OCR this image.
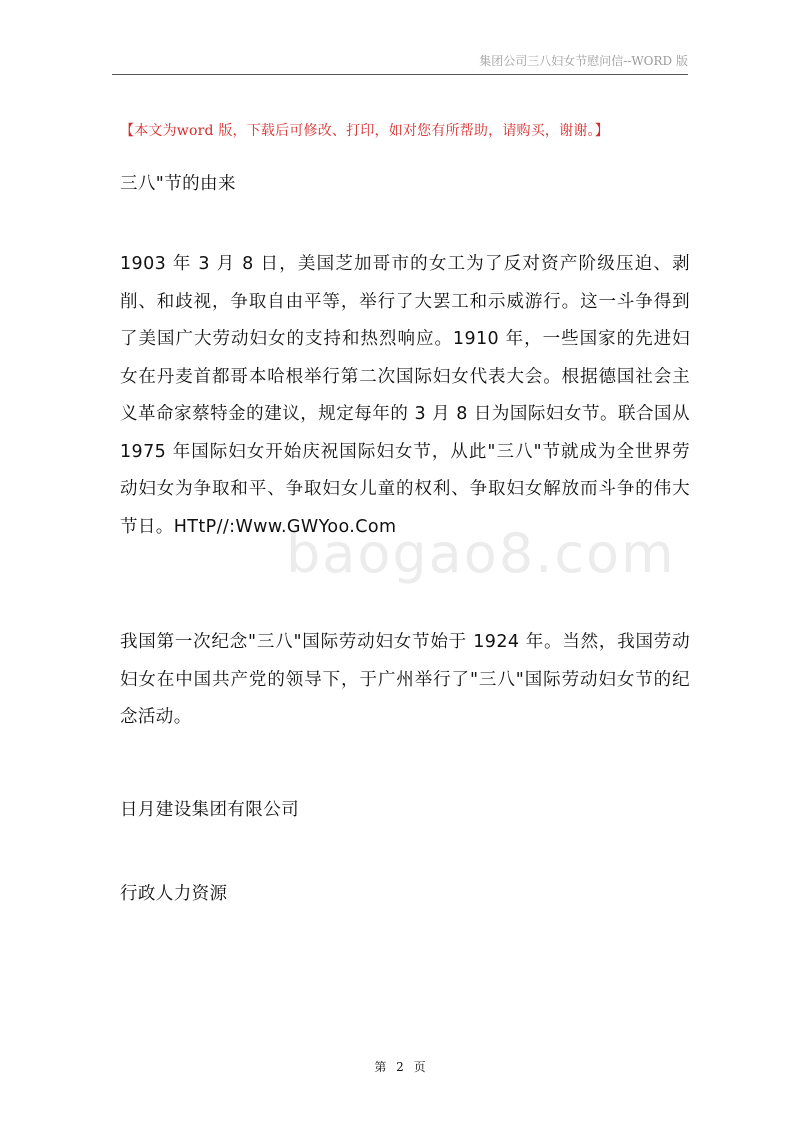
集团公司三八妇女节慰问信--WORD 版
【本文为word 版，下载后可修改、打印，如对您有所帮助，请购买，谢谢。】
baogao8.com
三八"节的由来
1903 年 3 月 8 日，美国芝加哥市的女工为了反对资产阶级压迫、剥削、和歧视，争取自由平等，举行了大罢工和示威游行。这一斗争得到了美国广大劳动妇女的支持和热烈响应。1910 年，一些国家的先进妇女在丹麦首都哥本哈根举行第二次国际妇女代表大会。根据德国社会主义革命家蔡特金的建议，规定每年的 3 月 8 日为国际妇女节。联合国从 1975 年国际妇女开始庆祝国际妇女节，从此"三八"节就成为全世界劳动妇女为争取和平、争取妇女儿童的权利、争取妇女解放而斗争的伟大节日。HTtP//:Www.GWYoo.Com
我国第一次纪念"三八"国际劳动妇女节始于 1924 年。当然，我国劳动妇女在中国共产党的领导下，于广州举行了"三八"国际劳动妇女节的纪念活动。
日月建设集团有限公司
行政人力资源
第 2 页
